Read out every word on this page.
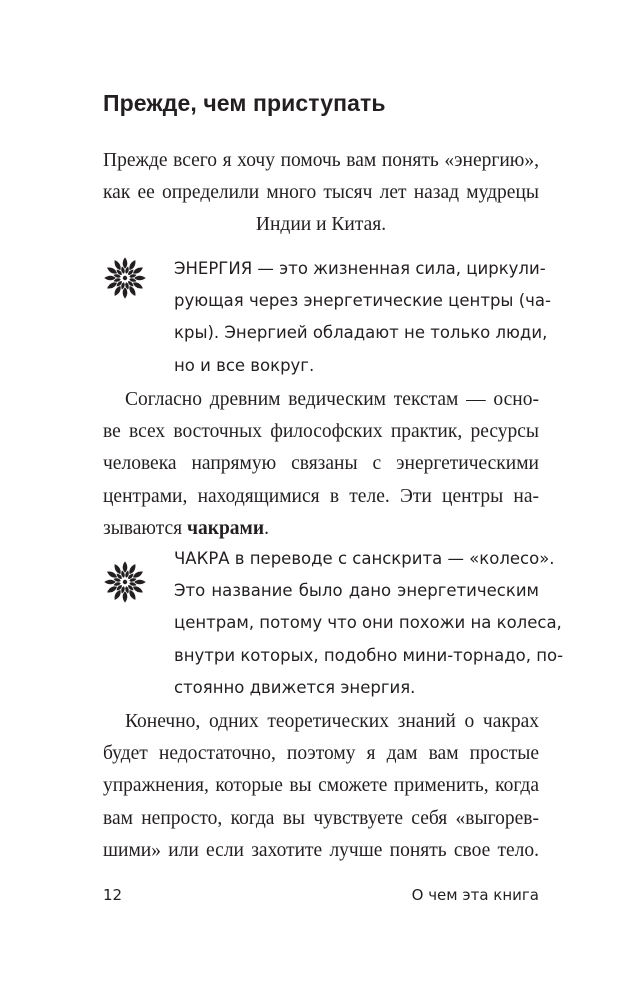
Прежде, чем приступать

Прежде всего я хочу помочь вам понять «энергию»,
как ее определили много тысяч лет назад мудрецы
Индии и Китая.

ЭНЕРГИЯ — это жизненная сила, циркули-
рующая через энергетические центры (ча-
кры). Энергией обладают не только люди,
но и все вокруг.

Согласно древним ведическим текстам — осно-
ве всех восточных философских практик, ресурсы
человека напрямую связаны с энергетическими
центрами, находящимися в теле. Эти центры на-
зываются чакрами.

ЧАКРА в переводе с санскрита — «колесо».
Это название было дано энергетическим
центрам, потому что они похожи на колеса,
внутри которых, подобно мини-торнадо, по-
стоянно движется энергия.

Конечно, одних теоретических знаний о чакрах
будет недостаточно, поэтому я дам вам простые
упражнения, которые вы сможете применить, когда
вам непросто, когда вы чувствуете себя «выгорев-
шими» или если захотите лучше понять свое тело.

12	О чем эта книга
